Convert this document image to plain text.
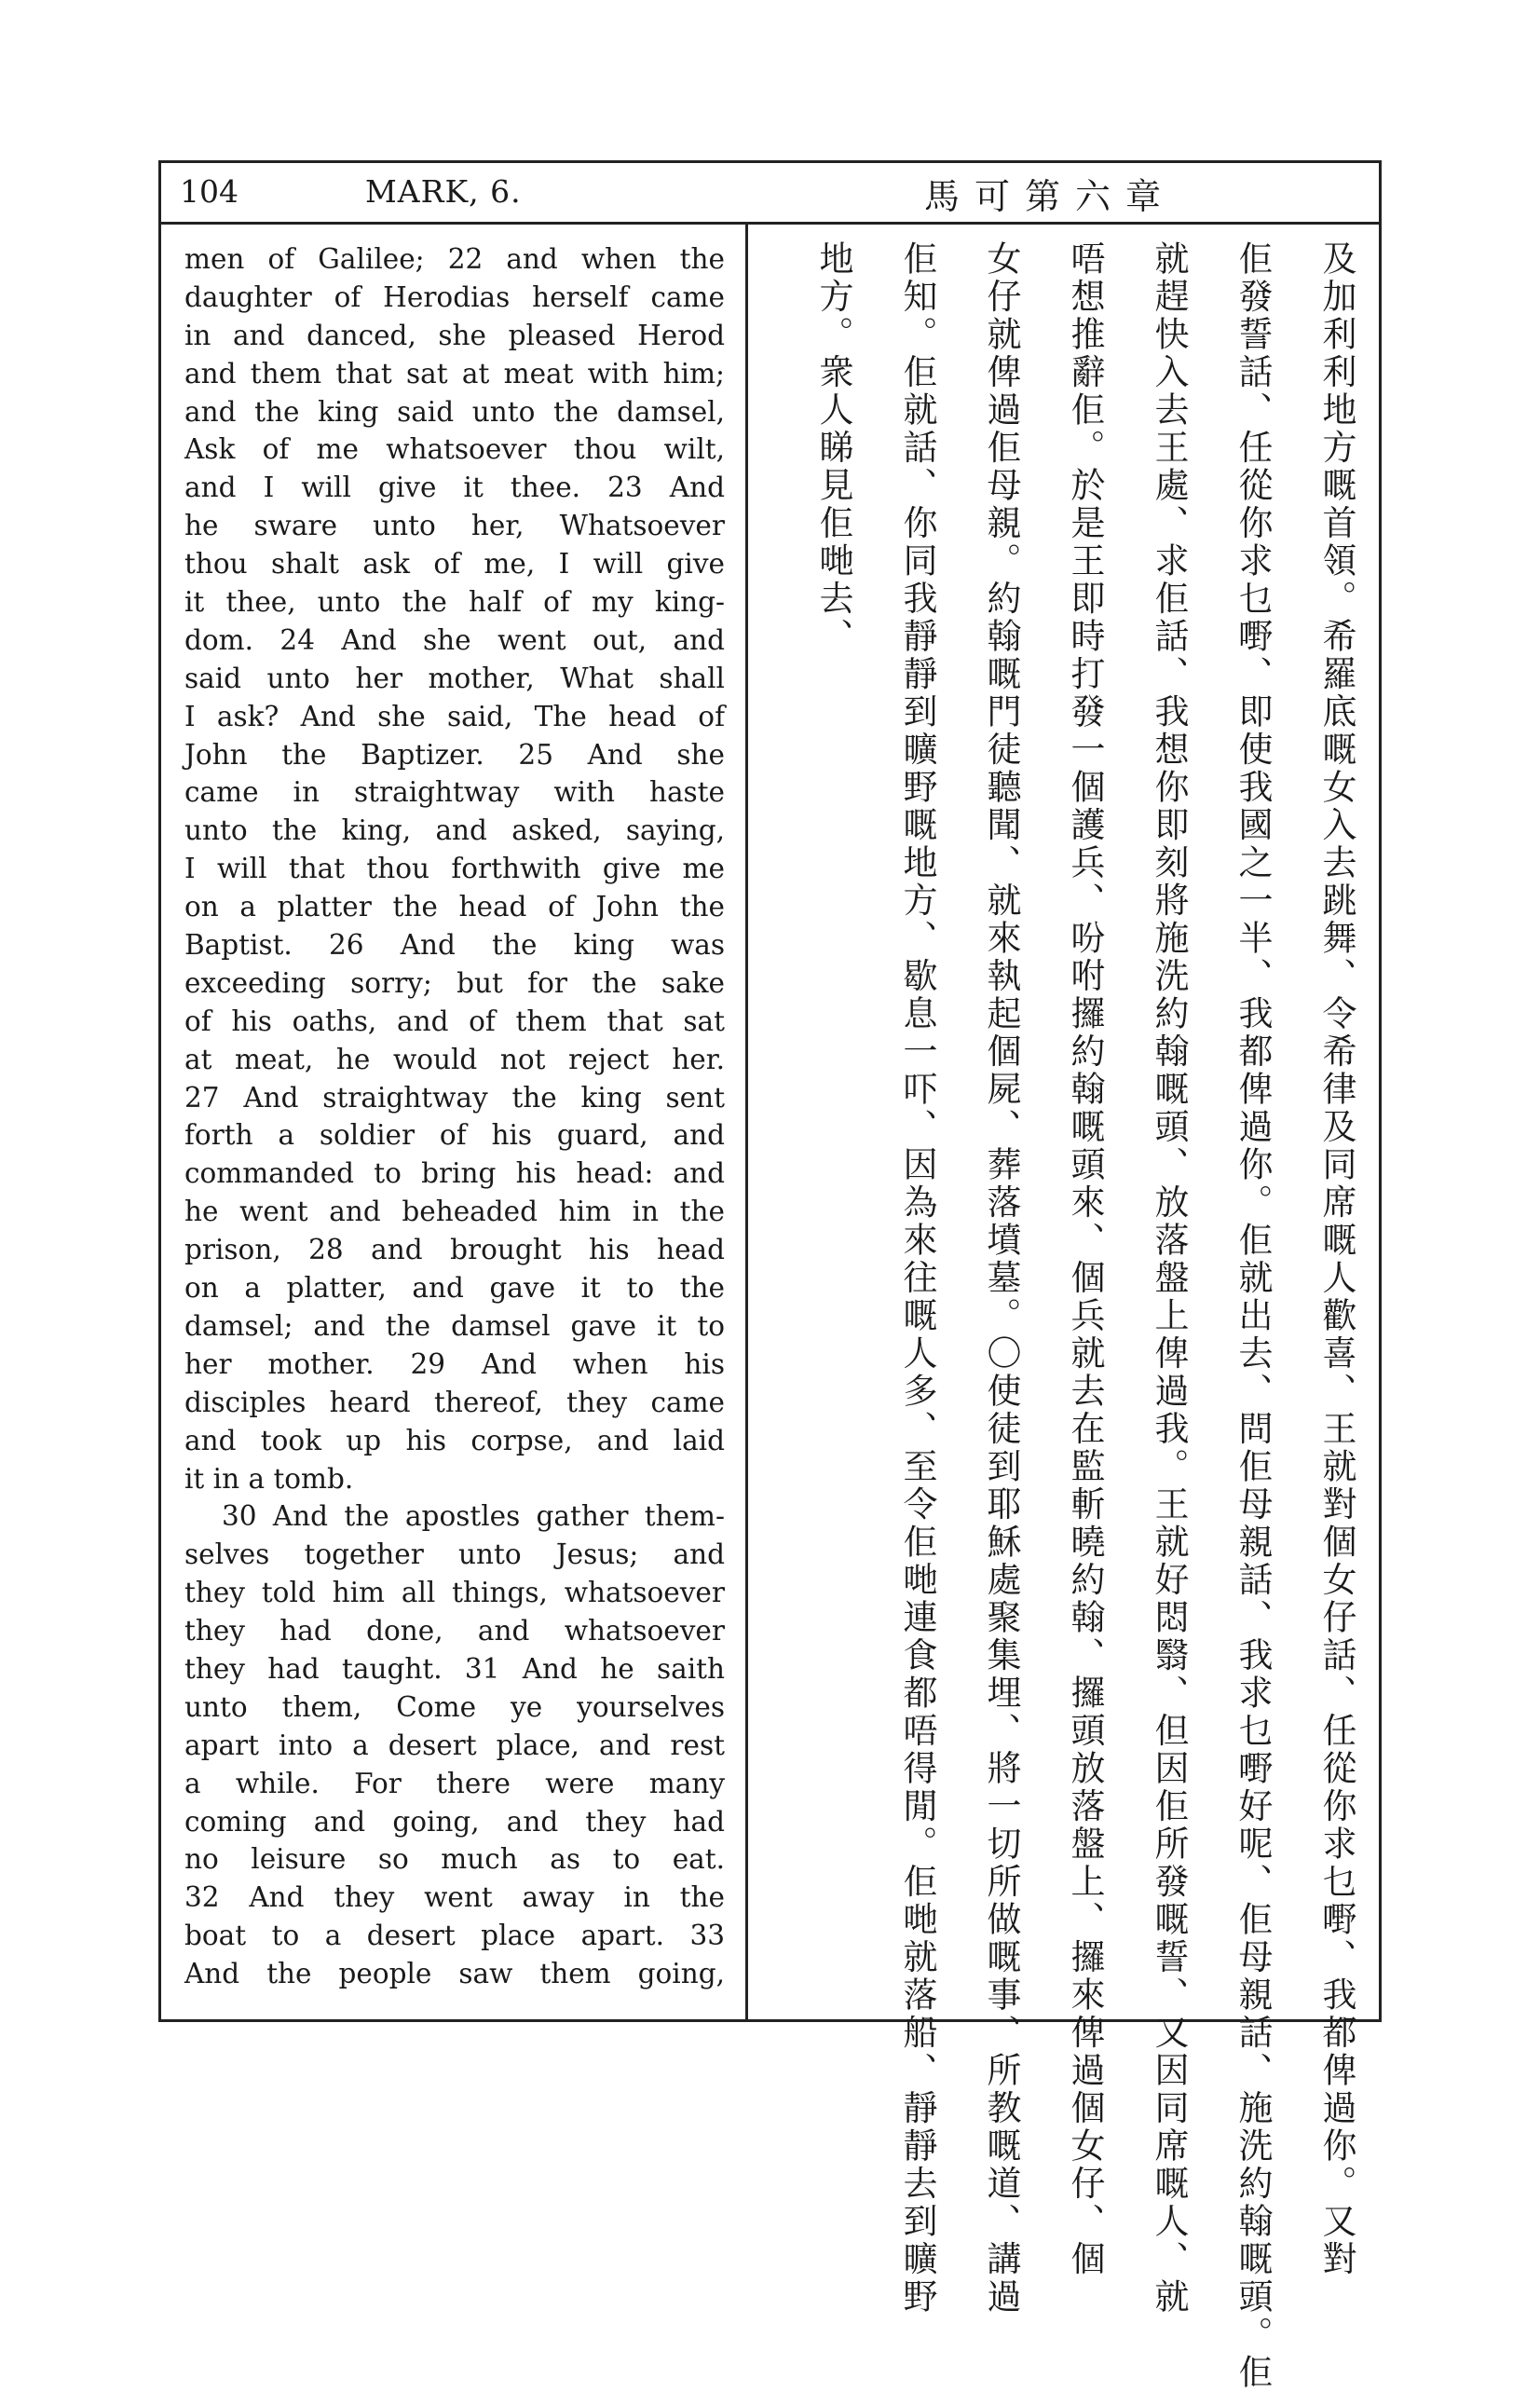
104	MARK, 6.	馬可第六章
men of Galilee; 22 and when the
daughter of Herodias herself came
in and danced, she pleased Herod
and them that sat at meat with him;
and the king said unto the damsel,
Ask of me whatsoever thou wilt,
and I will give it thee. 23 And
he sware unto her, Whatsoever
thou shalt ask of me, I will give
it thee, unto the half of my king-
dom. 24 And she went out, and
said unto her mother, What shall
I ask? And she said, The head of
John the Baptizer. 25 And she
came in straightway with haste
unto the king, and asked, saying,
I will that thou forthwith give me
on a platter the head of John the
Baptist. 26 And the king was
exceeding sorry; but for the sake
of his oaths, and of them that sat
at meat, he would not reject her.
27 And straightway the king sent
forth a soldier of his guard, and
commanded to bring his head: and
he went and beheaded him in the
prison, 28 and brought his head
on a platter, and gave it to the
damsel; and the damsel gave it to
her mother. 29 And when his
disciples heard thereof, they came
and took up his corpse, and laid
it in a tomb.
30 And the apostles gather them-
selves together unto Jesus; and
they told him all things, whatsoever
they had done, and whatsoever
they had taught. 31 And he saith
unto them, Come ye yourselves
apart into a desert place, and rest
a while. For there were many
coming and going, and they had
no leisure so much as to eat.
32 And they went away in the
boat to a desert place apart. 33
And the people saw them going,	及加利利地方嘅首領。希羅底嘅女入去跳舞、令希律及同席嘅人歡喜、王就對個女仔話、任從你求乜嘢、我都俾過你。又對
佢發誓話、任從你求乜嘢、即使我國之一半、我都俾過你。佢就出去、問佢母親話、我求乜嘢好呢、佢母親話、施洗約翰嘅頭。佢
就趕快入去王處、求佢話、我想你即刻將施洗約翰嘅頭、放落盤上俾過我。王就好悶翳、但因佢所發嘅誓、又因同席嘅人、就
唔想推辭佢。於是王即時打發一個護兵、吩咐攞約翰嘅頭來、個兵就去在監斬曉約翰、攞頭放落盤上、攞來俾過個女仔、個
女仔就俾過佢母親。約翰嘅門徒聽聞、就來執起個屍、葬落墳墓。〇使徒到耶穌處聚集埋、將一切所做嘅事、所教嘅道、講過
佢知。佢就話、你同我靜靜到曠野嘅地方、歇息一吓、因為來往嘅人多、至令佢哋連食都唔得閒。佢哋就落船、靜靜去到曠野
地方。衆人睇見佢哋去、
